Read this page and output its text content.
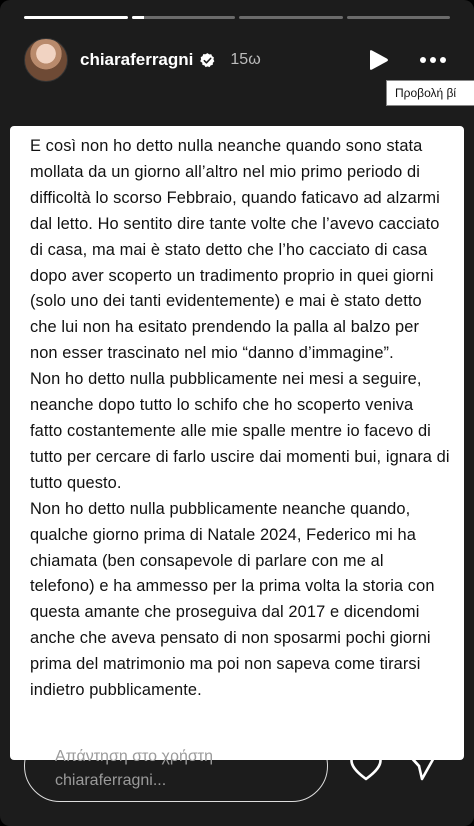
chiaraferragni 15ω

E così non ho detto nulla neanche quando sono stata mollata da un giorno all’altro nel mio primo periodo di difficoltà lo scorso Febbraio, quando faticavo ad alzarmi dal letto. Ho sentito dire tante volte che l’avevo cacciato di casa, ma mai è stato detto che l’ho cacciato di casa dopo aver scoperto un tradimento proprio in quei giorni (solo uno dei tanti evidentemente) e mai è stato detto che lui non ha esitato prendendo la palla al balzo per non esser trascinato nel mio “danno d’immagine”.
Non ho detto nulla pubblicamente nei mesi a seguire, neanche dopo tutto lo schifo che ho scoperto veniva fatto costantemente alle mie spalle mentre io facevo di tutto per cercare di farlo uscire dai momenti bui, ignara di tutto questo.
Non ho detto nulla pubblicamente neanche quando, qualche giorno prima di Natale 2024, Federico mi ha chiamata (ben consapevole di parlare con me al telefono) e ha ammesso per la prima volta la storia con questa amante che proseguiva dal 2017 e dicendomi anche che aveva pensato di non sposarmi pochi giorni prima del matrimonio ma poi non sapeva come tirarsi indietro pubblicamente.

Απάντηση στο χρήστη
chiaraferragni...
Προβολή βί
